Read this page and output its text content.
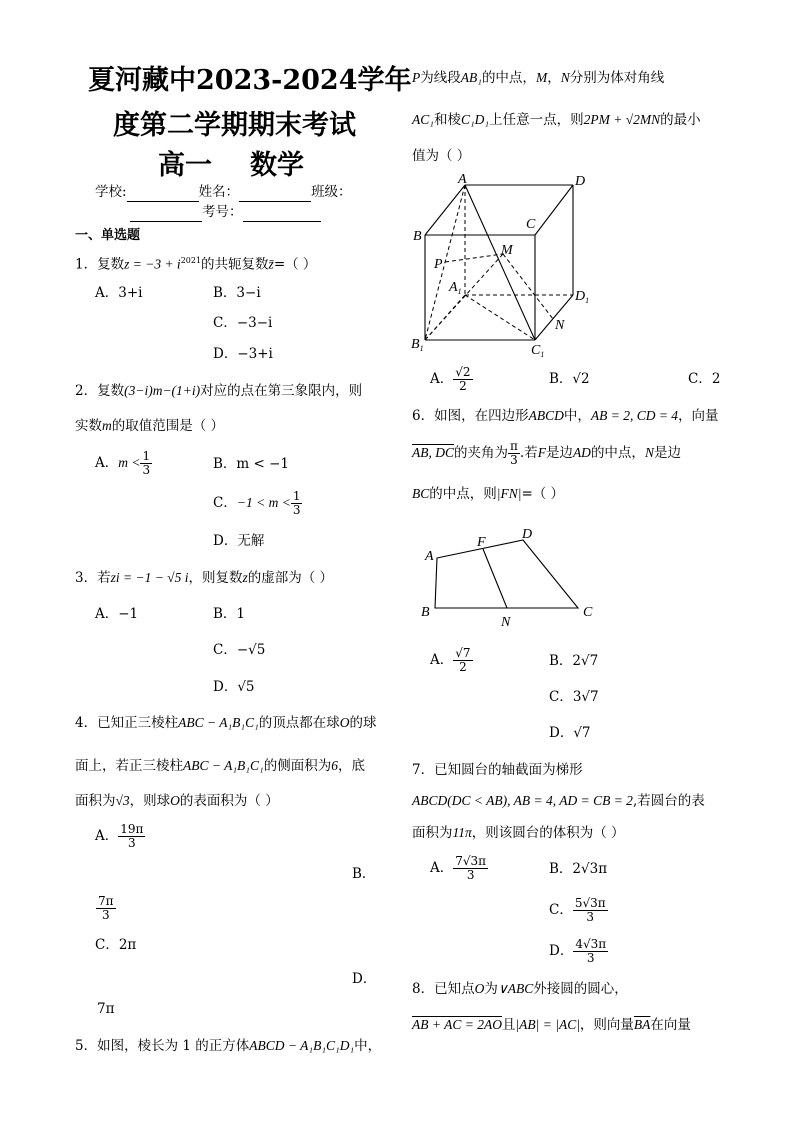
夏河藏中2023-2024学年
度第二学期期末考试
高一 数学
学校:	姓名：	班级：
考号：
一、单选题
1．复数$z = -3 + i^{2021}$的共轭复数z̄=（ ）
A．3+i	B．3−i
C．−3−i
D．−3+i
2．复数(3−i)m−(1+i)对应的点在第三象限内，则
实数m的取值范围是（ ）
A．$m < \frac{1}{3}$	B．m < −1
C．$-1 < m < \frac{1}{3}$
D．无解
3．若zi = −1 − √5 i，则复数z的虚部为（ ）
A．−1	B．1
C．−√5
D．√5
4．已知正三棱柱ABC − A₁B₁C₁的顶点都在球O的球
面上，若正三棱柱ABC − A₁B₁C₁的侧面积为6，底
面积为√3，则球O的表面积为（ ）
A． $\frac{19\pi}{3}$
B．
$\frac{7\pi}{3}$
C．2π
D．
7π
5．如图，棱长为 1 的正方体ABCD − A₁B₁C₁D₁中，
P为线段AB₁的中点，M，N分别为体对角线
AC₁和棱C₁D₁上任意一点，则2PM + √2MN的最小
值为（ ）
A	D
B
C
$A_1$	$D_1$
$B_1$	$C_1$
P
M
N
A． $\frac{√2}{2}$	B．√2	C．2
6．如图，在四边形ABCD中，AB = 2, CD = 4，向量
AB, DC的夹角为 $\frac{\pi}{3}$ .若F是边AD的中点，N是边
BC的中点，则|FN|=（ ）
A
F
D
B
N
C
A． $\frac{√7}{2}$	B．2√7
C．3√7
D．√7
7．已知圆台的轴截面为梯形
ABCD(DC < AB), AB = 4, AD = CB = 2,若圆台的表
面积为11π，则该圆台的体积为（ ）
A． $\frac{7√3\pi}{3}$	B．2√3π
C． $\frac{5√3\pi}{3}$
D． $\frac{4√3\pi}{3}$
8．已知点O为∨ABC外接圆的圆心，
AB + AC = 2AO且|AB| = |AC|，则向量$\overline{BA}$在向量
